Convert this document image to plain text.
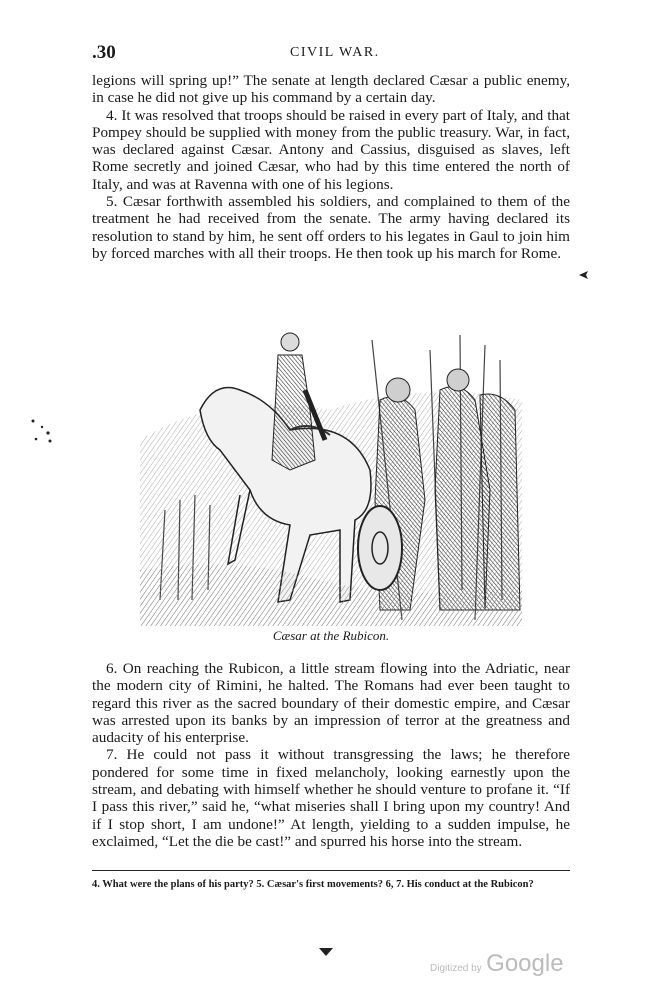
.30	CIVIL WAR.

legions will spring up!” The senate at length declared Cæsar a public enemy, in case he did not give up his command by a certain day.

4. It was resolved that troops should be raised in every part of Italy, and that Pompey should be supplied with money from the public treasury. War, in fact, was declared against Cæsar. Antony and Cassius, disguised as slaves, left Rome secretly and joined Cæsar, who had by this time entered the north of Italy, and was at Ravenna with one of his legions.

5. Cæsar forthwith assembled his soldiers, and complained to them of the treatment he had received from the senate. The army having declared its resolution to stand by him, he sent off orders to his legates in Gaul to join him by forced marches with all their troops. He then took up his march for Rome.

Cæsar at the Rubicon.

6. On reaching the Rubicon, a little stream flowing into the Adriatic, near the modern city of Rimini, he halted. The Romans had ever been taught to regard this river as the sacred boundary of their domestic empire, and Cæsar was arrested upon its banks by an impression of terror at the greatness and audacity of his enterprise.

7. He could not pass it without transgressing the laws; he therefore pondered for some time in fixed melancholy, looking earnestly upon the stream, and debating with himself whether he should venture to profane it. “If I pass this river,” said he, “what miseries shall I bring upon my country! And if I stop short, I am undone!” At length, yielding to a sudden impulse, he exclaimed, “Let the die be cast!” and spurred his horse into the stream.

4. What were the plans of his party? 5. Cæsar's first movements? 6, 7. His conduct at the Rubicon?
Digitized by Google
